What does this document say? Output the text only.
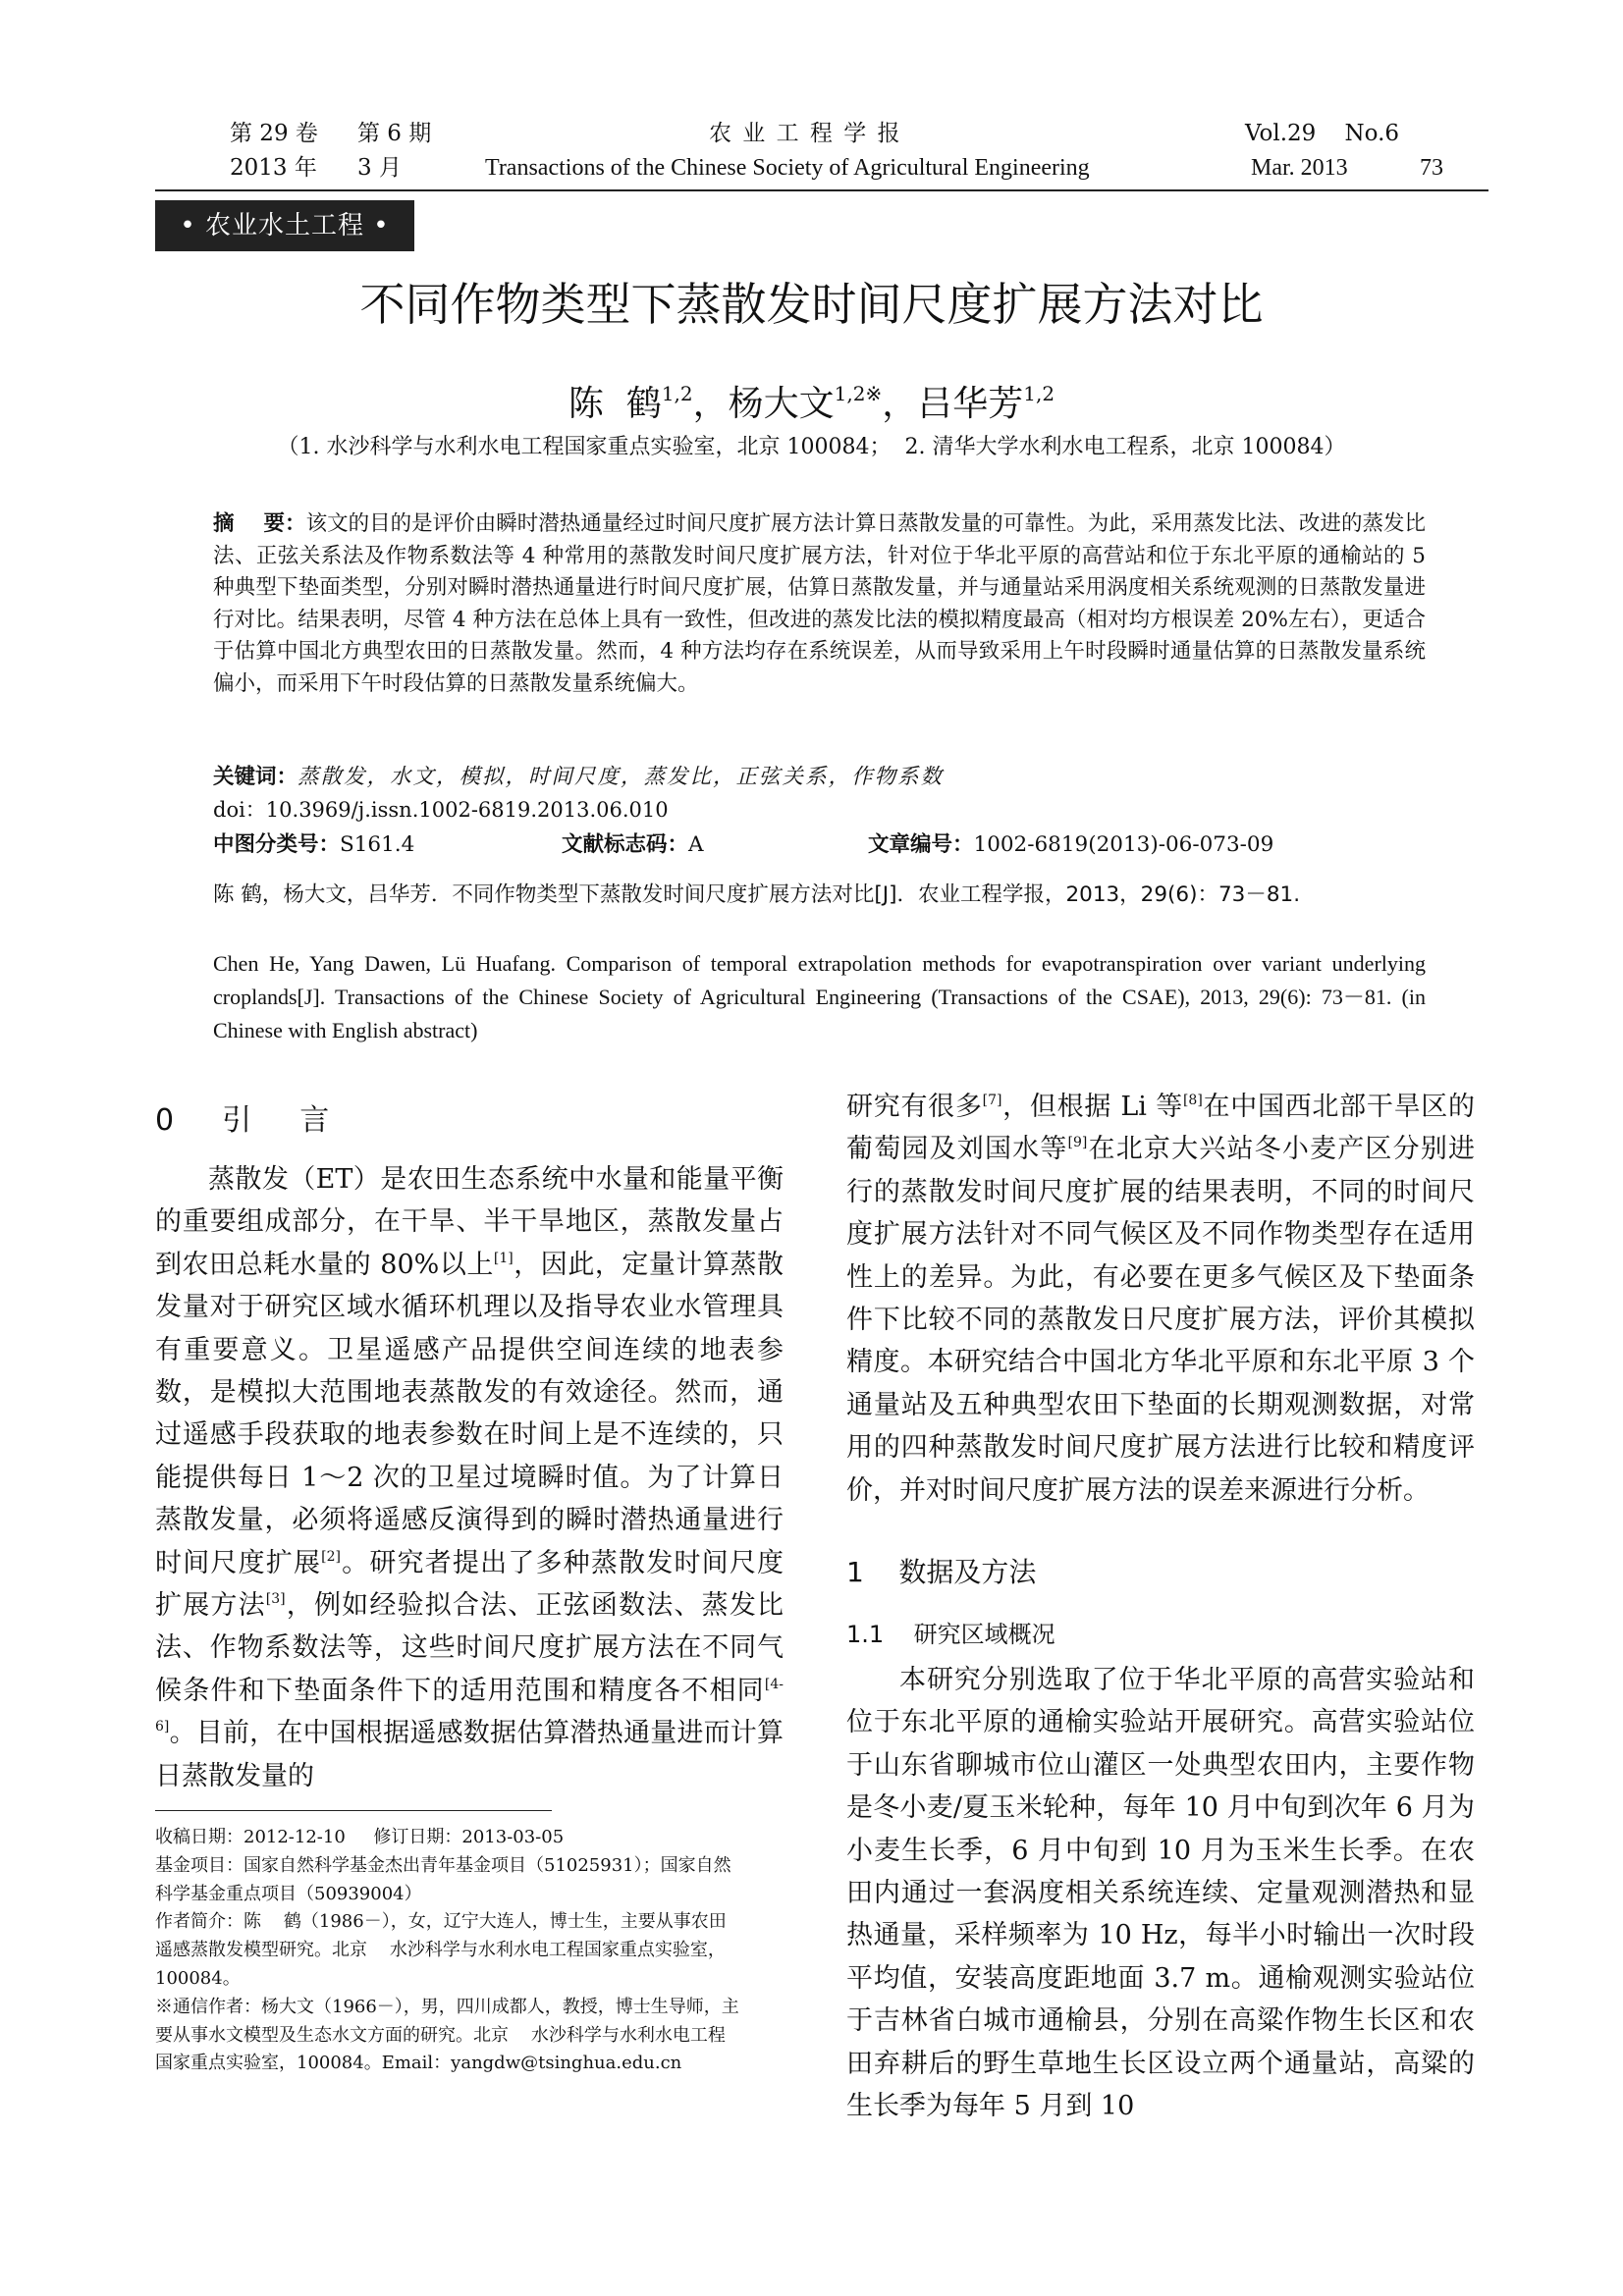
第 29 卷 第 6 期	农 业 工 程 学 报	Vol.29    No.6
2013 年 3 月	Transactions of the Chinese Society of Agricultural Engineering	Mar. 2013	73
• 农业水土工程 •
不同作物类型下蒸散发时间尺度扩展方法对比
陈  鹤$^{1,2}$，杨大文$^{1,2※}$，吕华芳$^{1,2}$
（1. 水沙科学与水利水电工程国家重点实验室，北京 100084；  2. 清华大学水利水电工程系，北京 100084）
摘    要：该文的目的是评价由瞬时潜热通量经过时间尺度扩展方法计算日蒸散发量的可靠性。为此，采用蒸发比法、改进的蒸发比法、正弦关系法及作物系数法等 4 种常用的蒸散发时间尺度扩展方法，针对位于华北平原的高营站和位于东北平原的通榆站的 5 种典型下垫面类型，分别对瞬时潜热通量进行时间尺度扩展，估算日蒸散发量，并与通量站采用涡度相关系统观测的日蒸散发量进行对比。结果表明，尽管 4 种方法在总体上具有一致性，但改进的蒸发比法的模拟精度最高（相对均方根误差 20%左右），更适合于估算中国北方典型农田的日蒸散发量。然而，4 种方法均存在系统误差，从而导致采用上午时段瞬时通量估算的日蒸散发量系统偏小，而采用下午时段估算的日蒸散发量系统偏大。
关键词：蒸散发，水文，模拟，时间尺度，蒸发比，正弦关系，作物系数
doi：10.3969/j.issn.1002-6819.2013.06.010
中图分类号：S161.4	文献标志码：A	文章编号：1002-6819(2013)-06-073-09
陈 鹤，杨大文，吕华芳．不同作物类型下蒸散发时间尺度扩展方法对比[J]．农业工程学报，2013，29(6)：73－81.
Chen He, Yang Dawen, Lü Huafang. Comparison of temporal extrapolation methods for evapotranspiration over variant underlying croplands[J]. Transactions of the Chinese Society of Agricultural Engineering (Transactions of the CSAE), 2013, 29(6): 73－81. (in Chinese with English abstract)
0  引  言

蒸散发（ET）是农田生态系统中水量和能量平衡的重要组成部分，在干旱、半干旱地区，蒸散发量占到农田总耗水量的 80%以上[1]，因此，定量计算蒸散发量对于研究区域水循环机理以及指导农业水管理具有重要意义。卫星遥感产品提供空间连续的地表参数，是模拟大范围地表蒸散发的有效途径。然而，通过遥感手段获取的地表参数在时间上是不连续的，只能提供每日 1～2 次的卫星过境瞬时值。为了计算日蒸散发量，必须将遥感反演得到的瞬时潜热通量进行时间尺度扩展[2]。研究者提出了多种蒸散发时间尺度扩展方法[3]，例如经验拟合法、正弦函数法、蒸发比法、作物系数法等，这些时间尺度扩展方法在不同气候条件和下垫面条件下的适用范围和精度各不相同[4-6]。目前，在中国根据遥感数据估算潜热通量进而计算日蒸散发量的

研究有很多[7]，但根据 Li 等[8]在中国西北部干旱区的葡萄园及刘国水等[9]在北京大兴站冬小麦产区分别进行的蒸散发时间尺度扩展的结果表明，不同的时间尺度扩展方法针对不同气候区及不同作物类型存在适用性上的差异。为此，有必要在更多气候区及下垫面条件下比较不同的蒸散发日尺度扩展方法，评价其模拟精度。本研究结合中国北方华北平原和东北平原 3 个通量站及五种典型农田下垫面的长期观测数据，对常用的四种蒸散发时间尺度扩展方法进行比较和精度评价，并对时间尺度扩展方法的误差来源进行分析。

1    数据及方法
1.1    研究区域概况

本研究分别选取了位于华北平原的高营实验站和位于东北平原的通榆实验站开展研究。高营实验站位于山东省聊城市位山灌区一处典型农田内，主要作物是冬小麦/夏玉米轮种，每年 10 月中旬到次年 6 月为小麦生长季，6 月中旬到 10 月为玉米生长季。在农田内通过一套涡度相关系统连续、定量观测潜热和显热通量，采样频率为 10 Hz，每半小时输出一次时段平均值，安装高度距地面 3.7 m。通榆观测实验站位于吉林省白城市通榆县，分别在高粱作物生长区和农田弃耕后的野生草地生长区设立两个通量站，高粱的生长季为每年 5 月到 10

收稿日期：2012-12-10     修订日期：2013-03-05
基金项目：国家自然科学基金杰出青年基金项目（51025931）；国家自然科学基金重点项目（50939004）
作者简介：陈    鹤（1986－），女，辽宁大连人，博士生，主要从事农田遥感蒸散发模型研究。北京    水沙科学与水利水电工程国家重点实验室，100084。
※通信作者：杨大文（1966－），男，四川成都人，教授，博士生导师，主要从事水文模型及生态水文方面的研究。北京    水沙科学与水利水电工程国家重点实验室，100084。Email：yangdw@tsinghua.edu.cn
